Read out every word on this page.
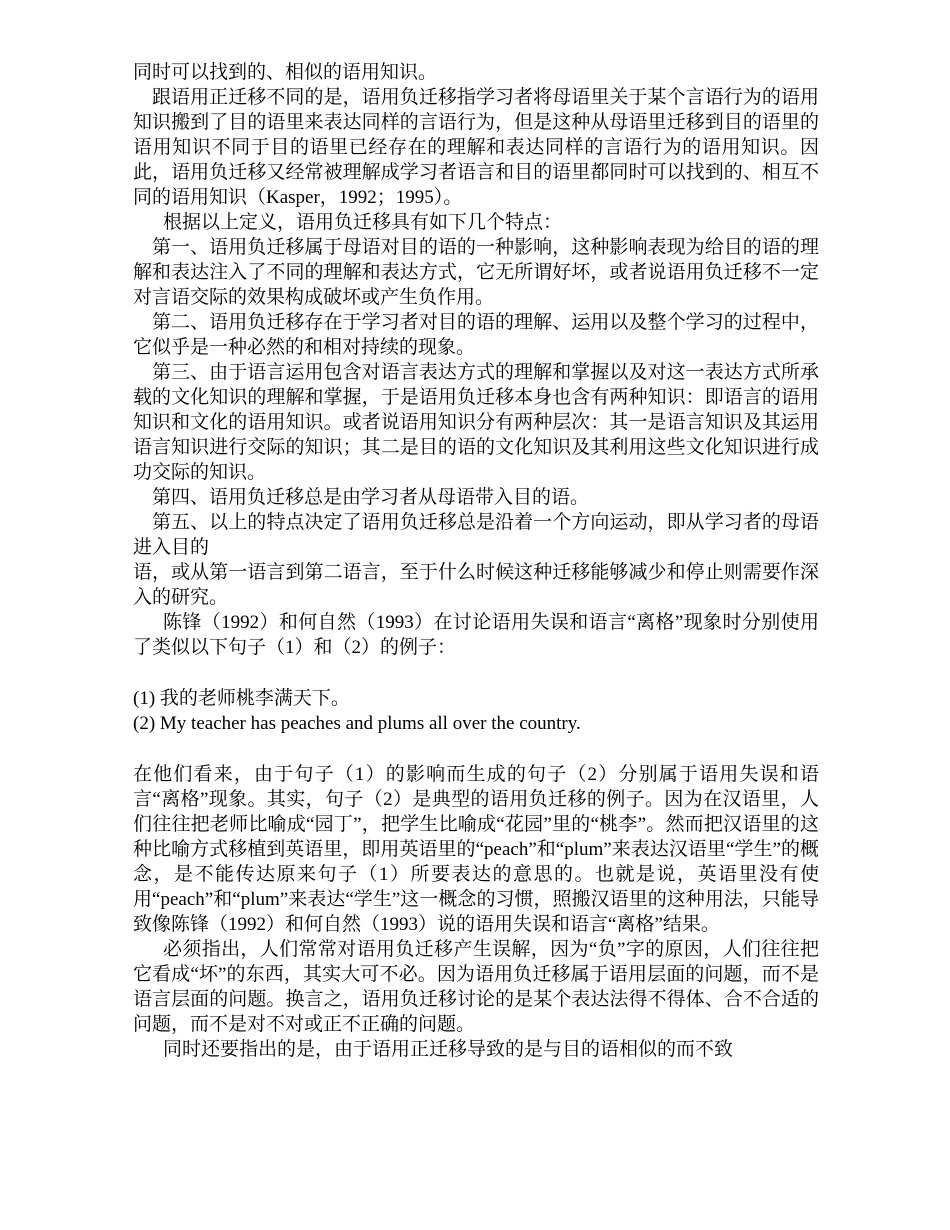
同时可以找到的、相似的语用知识。

跟语用正迁移不同的是，语用负迁移指学习者将母语里关于某个言语行为的语用知识搬到了目的语里来表达同样的言语行为，但是这种从母语里迁移到目的语里的语用知识不同于目的语里已经存在的理解和表达同样的言语行为的语用知识。因此，语用负迁移又经常被理解成学习者语言和目的语里都同时可以找到的、相互不同的语用知识（Kasper，1992；1995）。

根据以上定义，语用负迁移具有如下几个特点：

第一、语用负迁移属于母语对目的语的一种影响，这种影响表现为给目的语的理解和表达注入了不同的理解和表达方式，它无所谓好坏，或者说语用负迁移不一定对言语交际的效果构成破坏或产生负作用。

第二、语用负迁移存在于学习者对目的语的理解、运用以及整个学习的过程中，它似乎是一种必然的和相对持续的现象。

第三、由于语言运用包含对语言表达方式的理解和掌握以及对这一表达方式所承载的文化知识的理解和掌握，于是语用负迁移本身也含有两种知识：即语言的语用知识和文化的语用知识。或者说语用知识分有两种层次：其一是语言知识及其运用语言知识进行交际的知识；其二是目的语的文化知识及其利用这些文化知识进行成功交际的知识。

第四、语用负迁移总是由学习者从母语带入目的语。

第五、以上的特点决定了语用负迁移总是沿着一个方向运动，即从学习者的母语进入目的

语，或从第一语言到第二语言，至于什么时候这种迁移能够减少和停止则需要作深入的研究。

陈锋（1992）和何自然（1993）在讨论语用失误和语言“离格”现象时分别使用了类似以下句子（1）和（2）的例子：

(1) 我的老师桃李满天下。

(2) My teacher has peaches and plums all over the country.

在他们看来，由于句子（1）的影响而生成的句子（2）分别属于语用失误和语言“离格”现象。其实，句子（2）是典型的语用负迁移的例子。因为在汉语里，人们往往把老师比喻成“园丁”，把学生比喻成“花园”里的“桃李”。然而把汉语里的这种比喻方式移植到英语里，即用英语里的“peach”和“plum”来表达汉语里“学生”的概念，是不能传达原来句子（1）所要表达的意思的。也就是说，英语里没有使用“peach”和“plum”来表达“学生”这一概念的习惯，照搬汉语里的这种用法，只能导致像陈锋（1992）和何自然（1993）说的语用失误和语言“离格”结果。

必须指出，人们常常对语用负迁移产生误解，因为“负”字的原因，人们往往把它看成“坏”的东西，其实大可不必。因为语用负迁移属于语用层面的问题，而不是语言层面的问题。换言之，语用负迁移讨论的是某个表达法得不得体、合不合适的问题，而不是对不对或正不正确的问题。

同时还要指出的是，由于语用正迁移导致的是与目的语相似的而不致
